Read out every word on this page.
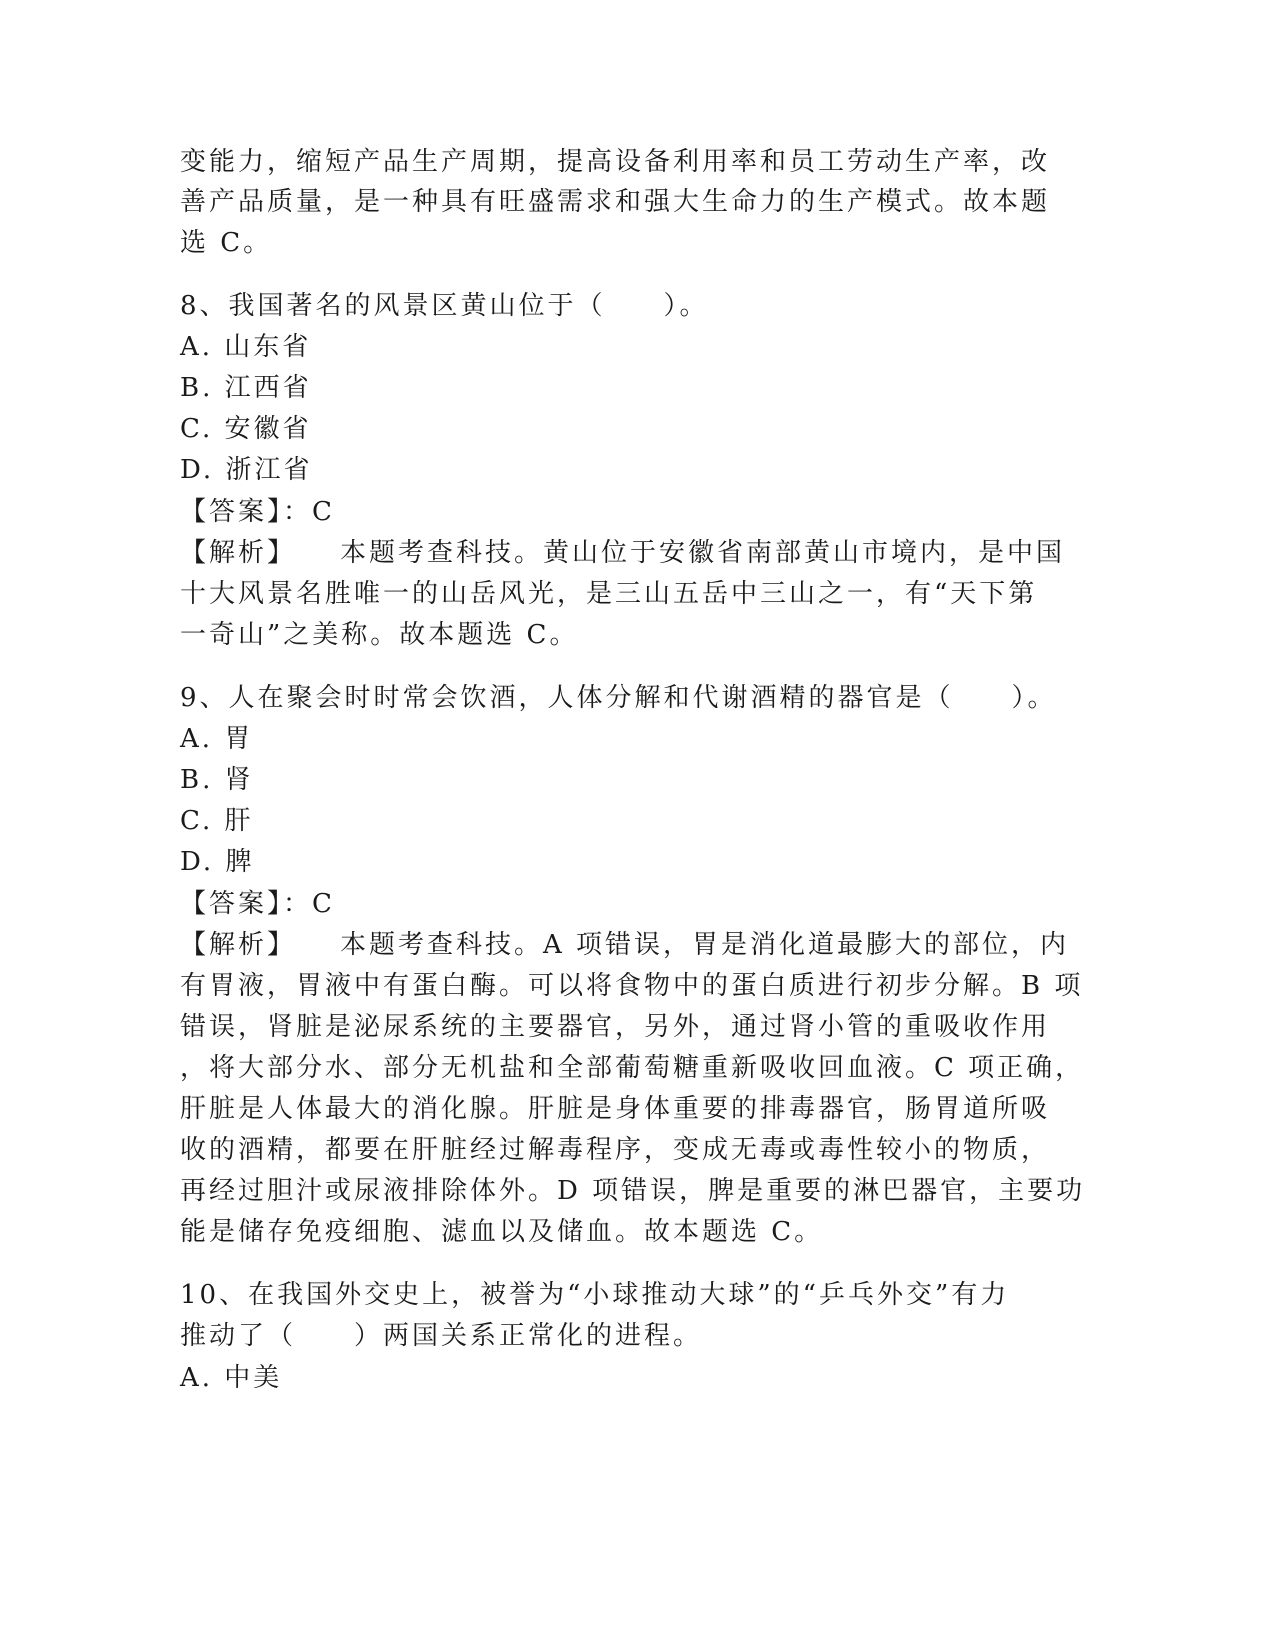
变能力，缩短产品生产周期，提高设备利用率和员工劳动生产率，改
善产品质量，是一种具有旺盛需求和强大生命力的生产模式。故本题
选 C。
8、我国著名的风景区黄山位于（　　）。
A. 山东省
B. 江西省
C. 安徽省
D. 浙江省
【答案】：C
【解析】 本题考查科技。黄山位于安徽省南部黄山市境内，是中国
十大风景名胜唯一的山岳风光，是三山五岳中三山之一，有“天下第
一奇山”之美称。故本题选 C。
9、人在聚会时时常会饮酒，人体分解和代谢酒精的器官是（　　）。
A. 胃
B. 肾
C. 肝
D. 脾
【答案】：C
【解析】 本题考查科技。A 项错误，胃是消化道最膨大的部位，内
有胃液，胃液中有蛋白酶。可以将食物中的蛋白质进行初步分解。B 项
错误，肾脏是泌尿系统的主要器官，另外，通过肾小管的重吸收作用
，将大部分水、部分无机盐和全部葡萄糖重新吸收回血液。C 项正确，
肝脏是人体最大的消化腺。肝脏是身体重要的排毒器官，肠胃道所吸
收的酒精，都要在肝脏经过解毒程序，变成无毒或毒性较小的物质，
再经过胆汁或尿液排除体外。D 项错误，脾是重要的淋巴器官，主要功
能是储存免疫细胞、滤血以及储血。故本题选 C。
10、在我国外交史上，被誉为“小球推动大球”的“乒乓外交”有力
推动了（　　）两国关系正常化的进程。
A. 中美
